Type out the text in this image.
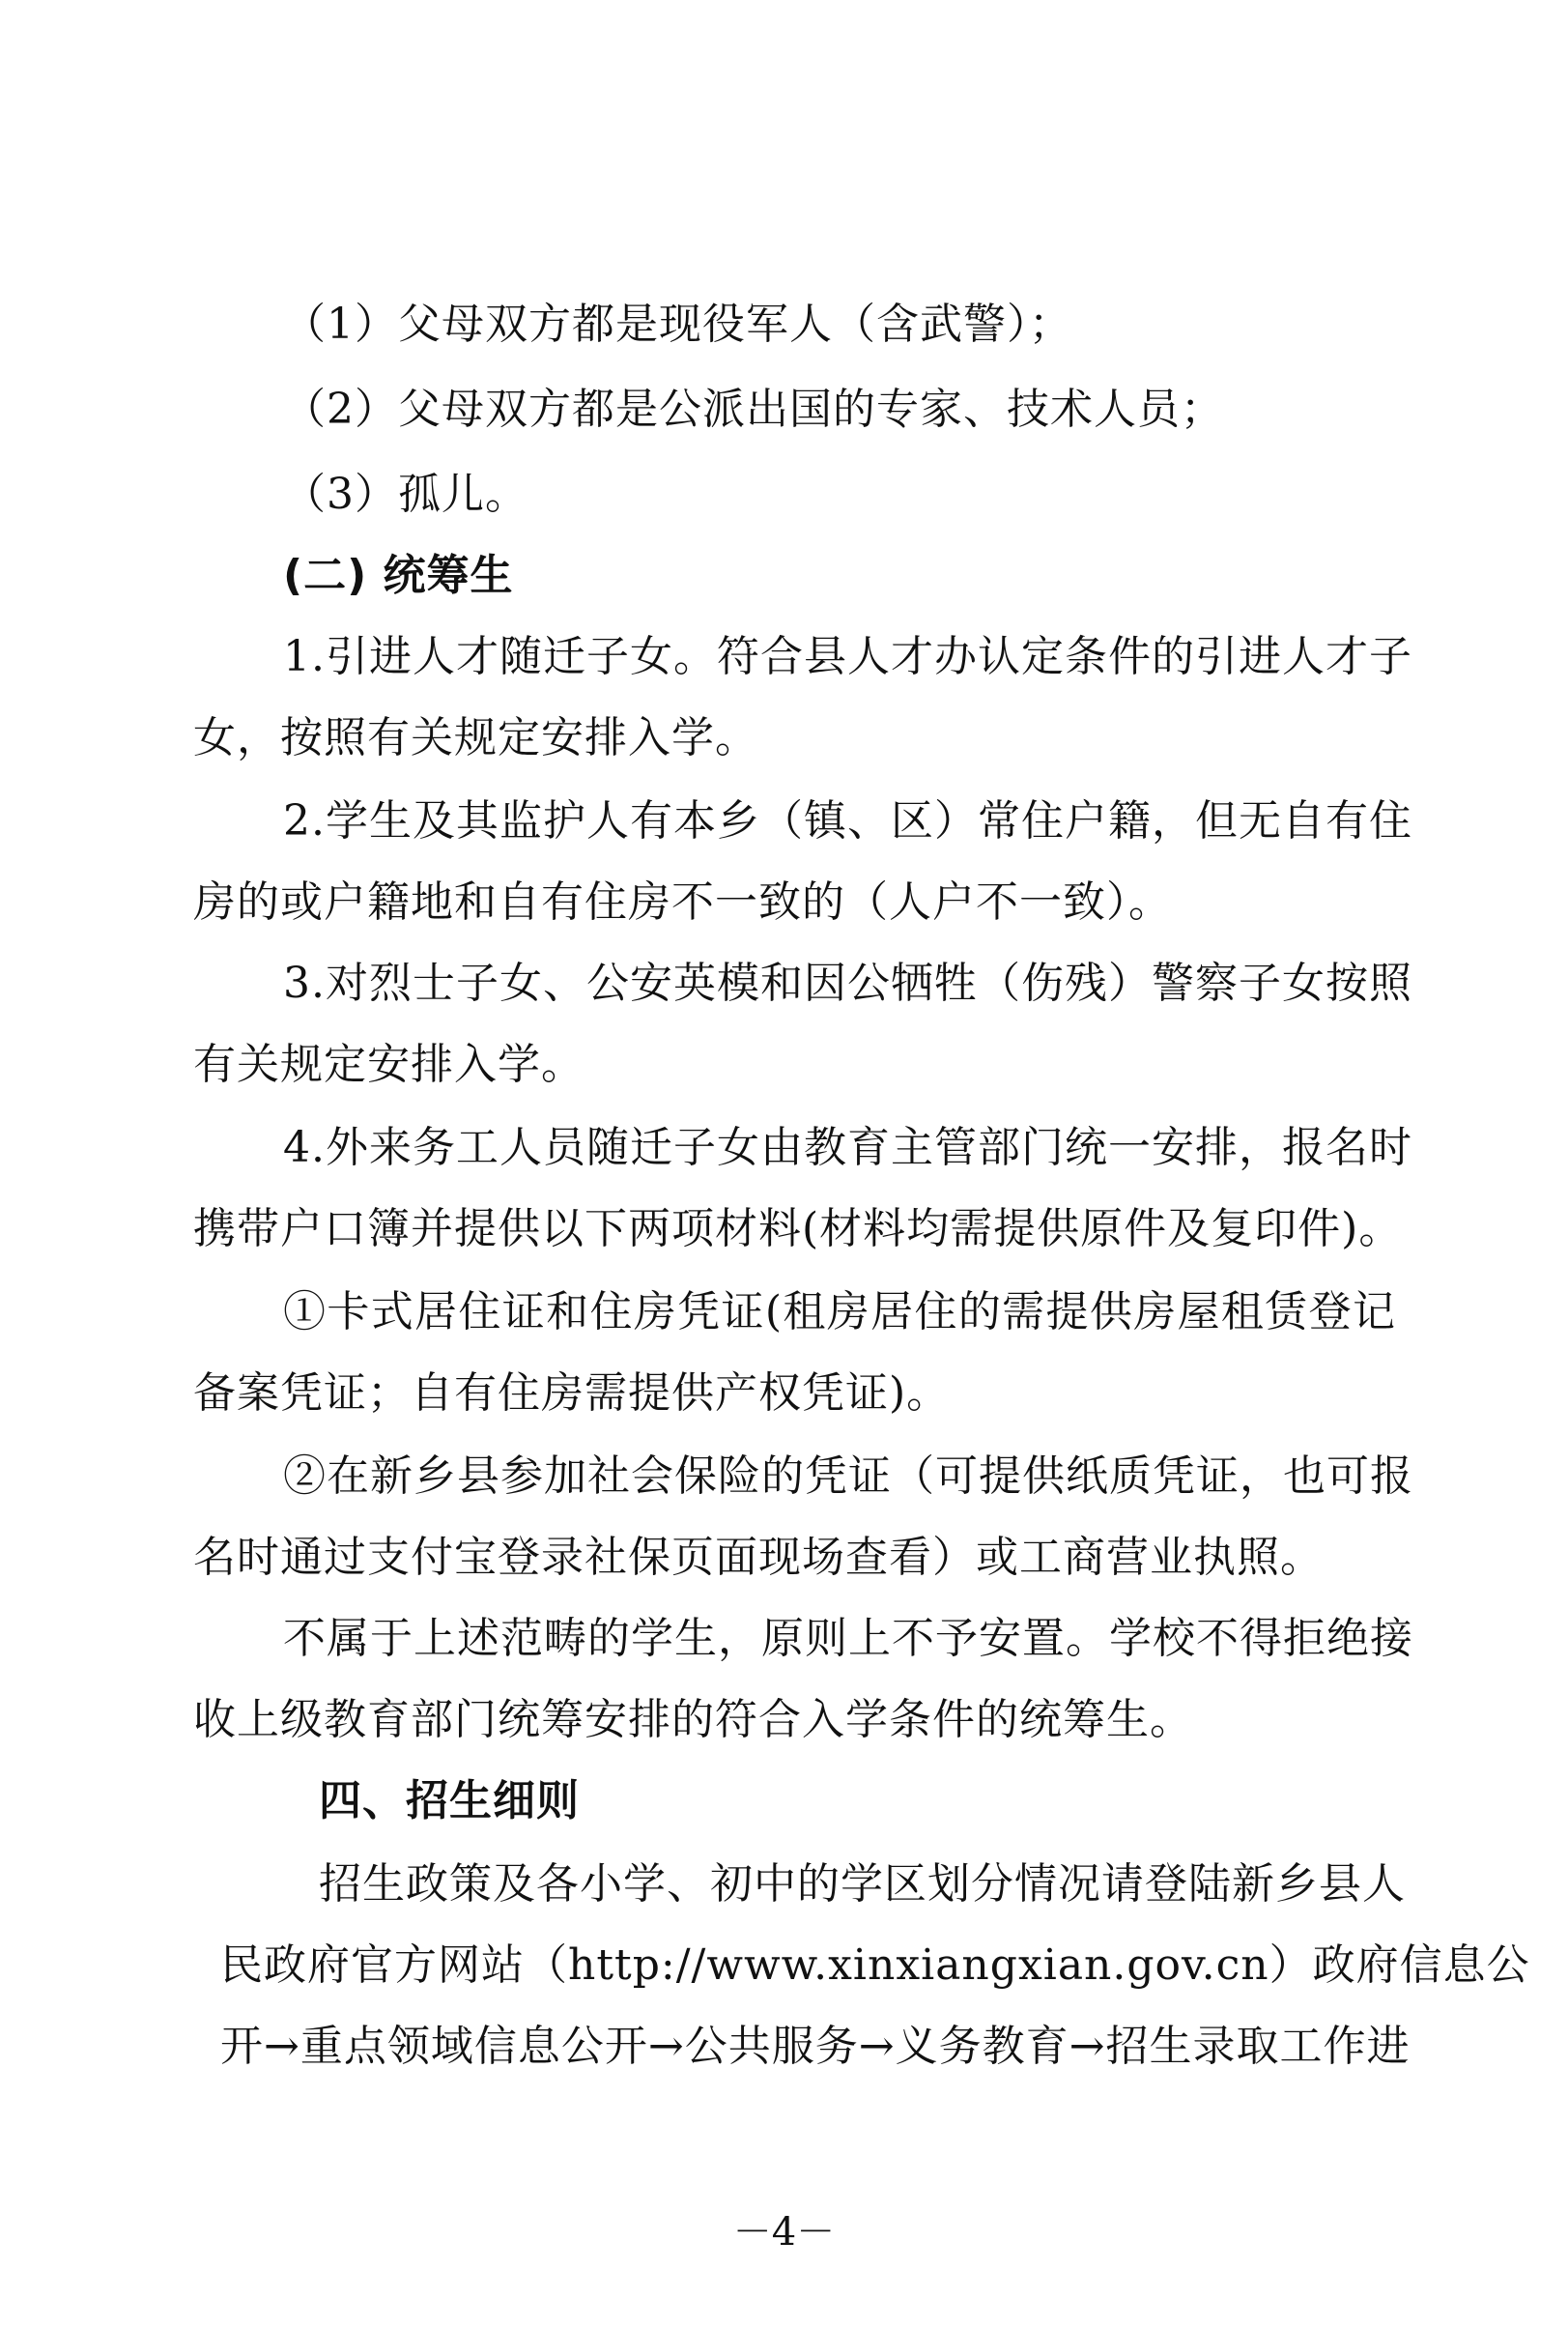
（1）父母双方都是现役军人（含武警）；
（2）父母双方都是公派出国的专家、技术人员；
（3）孤儿。
(二) 统筹生
1.引进人才随迁子女。符合县人才办认定条件的引进人才子
女，按照有关规定安排入学。
2.学生及其监护人有本乡（镇、区）常住户籍，但无自有住
房的或户籍地和自有住房不一致的（人户不一致）。
3.对烈士子女、公安英模和因公牺牲（伤残）警察子女按照
有关规定安排入学。
4.外来务工人员随迁子女由教育主管部门统一安排，报名时
携带户口簿并提供以下两项材料(材料均需提供原件及复印件)。
①卡式居住证和住房凭证(租房居住的需提供房屋租赁登记
备案凭证；自有住房需提供产权凭证)。
②在新乡县参加社会保险的凭证（可提供纸质凭证，也可报
名时通过支付宝登录社保页面现场查看）或工商营业执照。
不属于上述范畴的学生，原则上不予安置。学校不得拒绝接
收上级教育部门统筹安排的符合入学条件的统筹生。
四、招生细则
招生政策及各小学、初中的学区划分情况请登陆新乡县人
民政府官方网站（http://www.xinxiangxian.gov.cn）政府信息公
开→重点领域信息公开→公共服务→义务教育→招生录取工作进
－4－
